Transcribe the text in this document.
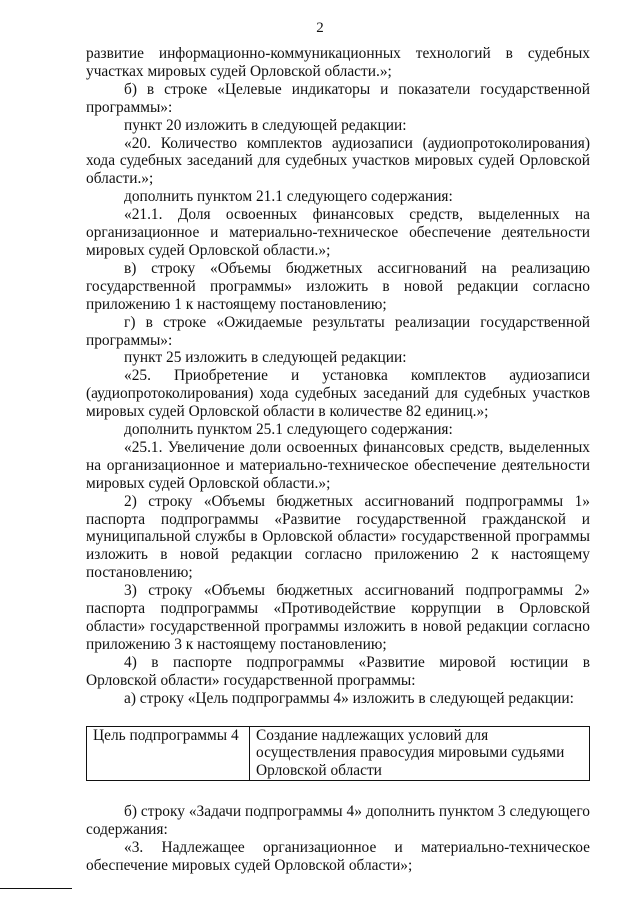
2

развитие информационно-коммуникационных технологий в судебных участках мировых судей Орловской области.»;

б) в строке «Целевые индикаторы и показатели государственной программы»:

пункт 20 изложить в следующей редакции:

«20. Количество комплектов аудиозаписи (аудиопротоколирования) хода судебных заседаний для судебных участков мировых судей Орловской области.»;

дополнить пунктом 21.1 следующего содержания:

«21.1. Доля освоенных финансовых средств, выделенных на организационное и материально-техническое обеспечение деятельности мировых судей Орловской области.»;

в) строку «Объемы бюджетных ассигнований на реализацию государственной программы» изложить в новой редакции согласно приложению 1 к настоящему постановлению;

г) в строке «Ожидаемые результаты реализации государственной программы»:

пункт 25 изложить в следующей редакции:

«25. Приобретение и установка комплектов аудиозаписи (аудиопротоколирования) хода судебных заседаний для судебных участков мировых судей Орловской области в количестве 82 единиц.»;

дополнить пунктом 25.1 следующего содержания:

«25.1. Увеличение доли освоенных финансовых средств, выделенных на организационное и материально-техническое обеспечение деятельности мировых судей Орловской области.»;

2) строку «Объемы бюджетных ассигнований подпрограммы 1» паспорта подпрограммы «Развитие государственной гражданской и муниципальной службы в Орловской области» государственной программы изложить в новой редакции согласно приложению 2 к настоящему постановлению;

3) строку «Объемы бюджетных ассигнований подпрограммы 2» паспорта подпрограммы «Противодействие коррупции в Орловской области» государственной программы изложить в новой редакции согласно приложению 3 к настоящему постановлению;

4) в паспорте подпрограммы «Развитие мировой юстиции в Орловской области» государственной программы:

а) строку «Цель подпрограммы 4» изложить в следующей редакции:

Цель подпрограммы 4	Создание надлежащих условий для осуществления правосудия мировыми судьями Орловской области

б) строку «Задачи подпрограммы 4» дополнить пунктом 3 следующего содержания:

«3. Надлежащее организационное и материально-техническое обеспечение мировых судей Орловской области»;
